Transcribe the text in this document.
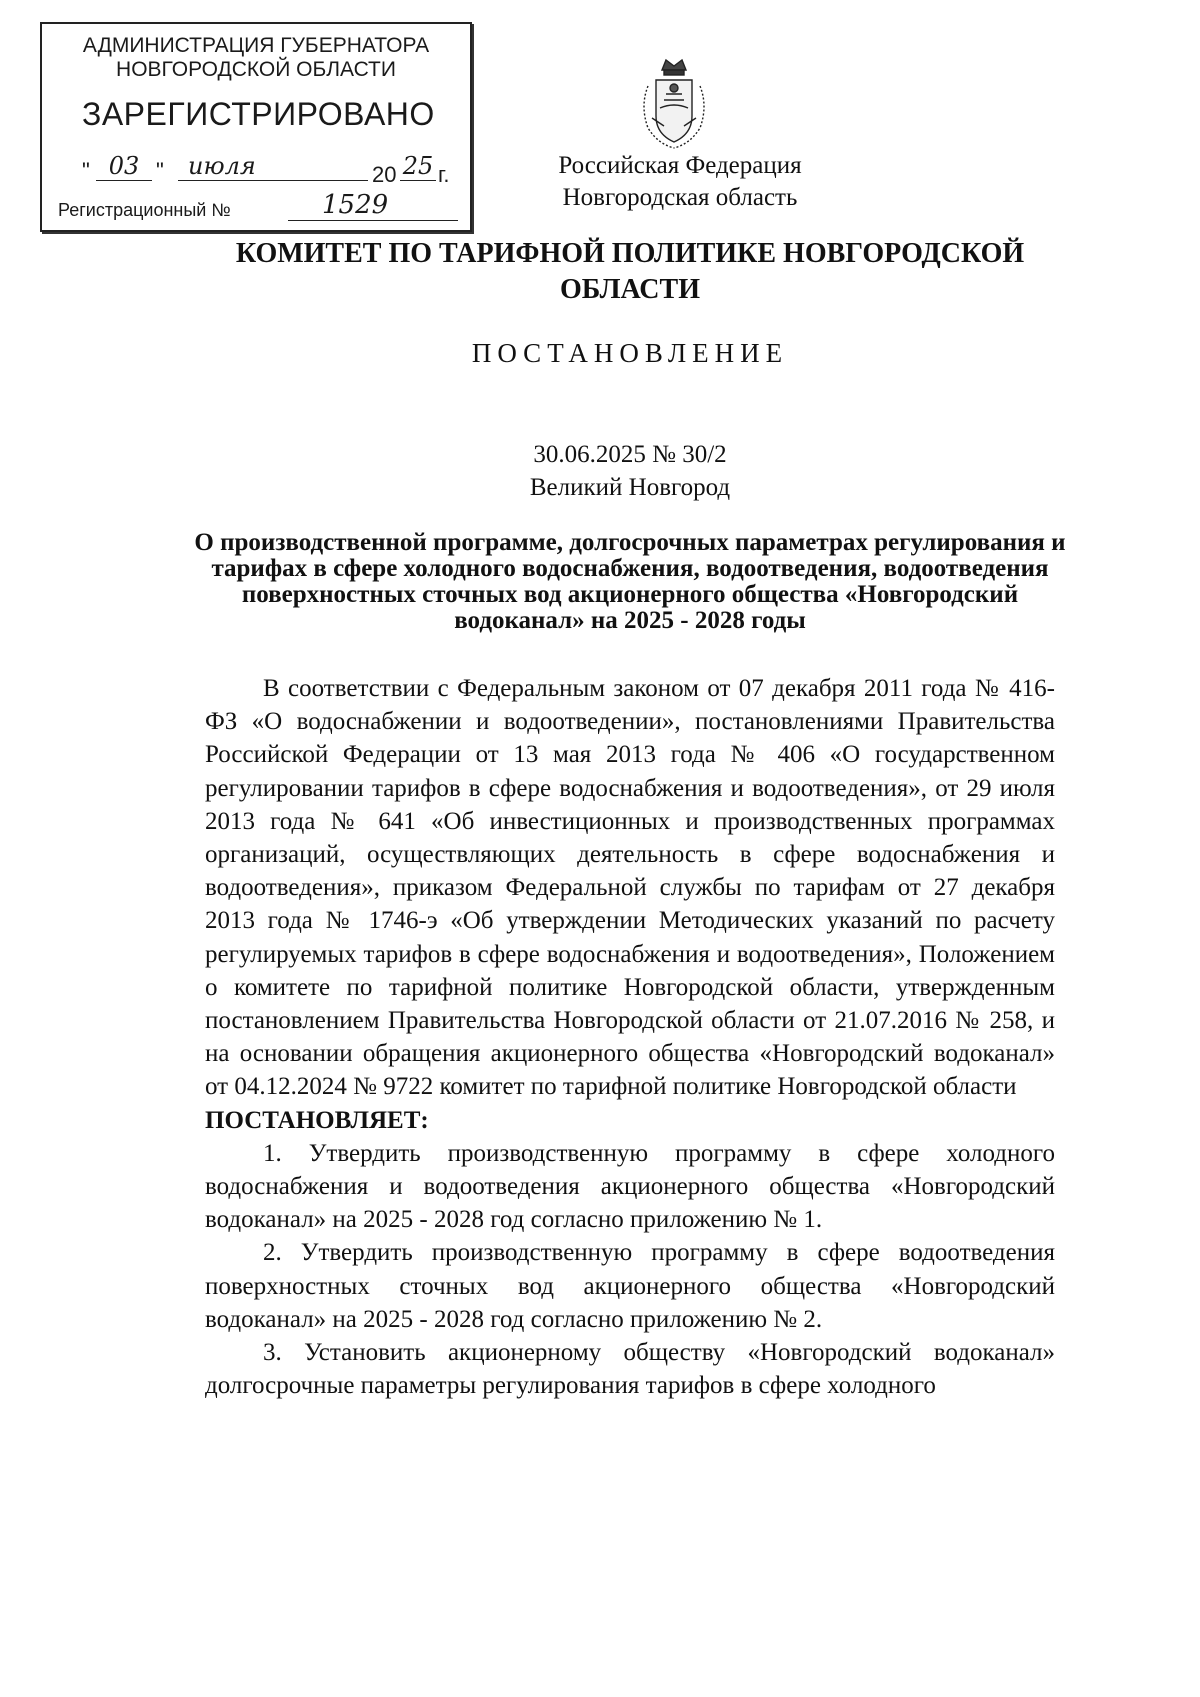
АДМИНИСТРАЦИЯ ГУБЕРНАТОРА
НОВГОРОДСКОЙ ОБЛАСТИ
ЗАРЕГИСТРИРОВАНО
" 03 "	июля	20 25 г.
Регистрационный №	1529
Российская Федерация
Новгородская область
КОМИТЕТ ПО ТАРИФНОЙ ПОЛИТИКЕ НОВГОРОДСКОЙ ОБЛАСТИ
ПОСТАНОВЛЕНИЕ
30.06.2025 № 30/2
Великий Новгород
О производственной программе, долгосрочных параметрах регулирования и тарифах в сфере холодного водоснабжения, водоотведения, водоотведения поверхностных сточных вод акционерного общества «Новгородский водоканал» на 2025 - 2028 годы

В соответствии с Федеральным законом от 07 декабря 2011 года № 416-ФЗ «О водоснабжении и водоотведении», постановлениями Правительства Российской Федерации от 13 мая 2013 года № 406 «О государственном регулировании тарифов в сфере водоснабжения и водоотведения», от 29 июля 2013 года № 641 «Об инвестиционных и производственных программах организаций, осуществляющих деятельность в сфере водоснабжения и водоотведения», приказом Федеральной службы по тарифам от 27 декабря 2013 года № 1746-э «Об утверждении Методических указаний по расчету регулируемых тарифов в сфере водоснабжения и водоотведения», Положением о комитете по тарифной политике Новгородской области, утвержденным постановлением Правительства Новгородской области от 21.07.2016 № 258, и на основании обращения акционерного общества «Новгородский водоканал» от 04.12.2024 № 9722 комитет по тарифной политике Новгородской области

ПОСТАНОВЛЯЕТ:

1. Утвердить производственную программу в сфере холодного водоснабжения и водоотведения акционерного общества «Новгородский водоканал» на 2025 - 2028 год согласно приложению № 1.

2. Утвердить производственную программу в сфере водоотведения поверхностных сточных вод акционерного общества «Новгородский водоканал» на 2025 - 2028 год согласно приложению № 2.

3. Установить акционерному обществу «Новгородский водоканал» долгосрочные параметры регулирования тарифов в сфере холодного
